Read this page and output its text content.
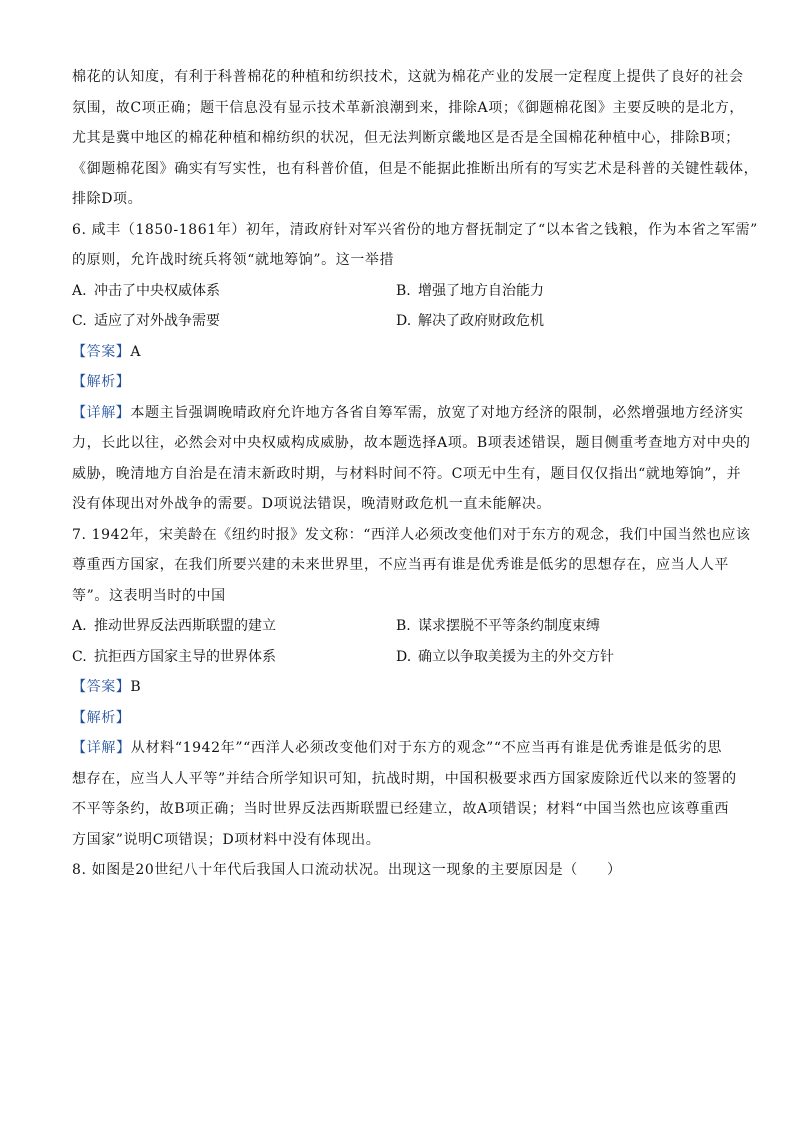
棉花的认知度，有利于科普棉花的种植和纺织技术，这就为棉花产业的发展一定程度上提供了良好的社会
氛围，故C项正确；题干信息没有显示技术革新浪潮到来，排除A项；《御题棉花图》主要反映的是北方，
尤其是冀中地区的棉花种植和棉纺织的状况，但无法判断京畿地区是否是全国棉花种植中心，排除B项；
《御题棉花图》确实有写实性，也有科普价值，但是不能据此推断出所有的写实艺术是科普的关键性载体，
排除D项。
6. 咸丰（1850-1861年）初年，清政府针对军兴省份的地方督抚制定了“以本省之钱粮，作为本省之军需”
的原则，允许战时统兵将领“就地筹饷”。这一举措
A. 冲击了中央权威体系	B. 增强了地方自治能力
C. 适应了对外战争需要	D. 解决了政府财政危机
【答案】A
【解析】
【详解】本题主旨强调晚晴政府允许地方各省自筹军需，放宽了对地方经济的限制，必然增强地方经济实
力，长此以往，必然会对中央权威构成威胁，故本题选择A项。B项表述错误，题目侧重考查地方对中央的
威胁，晚清地方自治是在清末新政时期，与材料时间不符。C项无中生有，题目仅仅指出“就地筹饷”，并
没有体现出对外战争的需要。D项说法错误，晚清财政危机一直未能解决。
7. 1942年，宋美龄在《纽约时报》发文称：“西洋人必须改变他们对于东方的观念，我们中国当然也应该
尊重西方国家，在我们所要兴建的未来世界里，不应当再有谁是优秀谁是低劣的思想存在，应当人人平
等”。这表明当时的中国
A. 推动世界反法西斯联盟的建立	B. 谋求摆脱不平等条约制度束缚
C. 抗拒西方国家主导的世界体系	D. 确立以争取美援为主的外交方针
【答案】B
【解析】
【详解】从材料“1942年”“西洋人必须改变他们对于东方的观念”“不应当再有谁是优秀谁是低劣的思
想存在，应当人人平等”并结合所学知识可知，抗战时期，中国积极要求西方国家废除近代以来的签署的
不平等条约，故B项正确；当时世界反法西斯联盟已经建立，故A项错误；材料“中国当然也应该尊重西
方国家”说明C项错误；D项材料中没有体现出。
8. 如图是20世纪八十年代后我国人口流动状况。出现这一现象的主要原因是（　　）
